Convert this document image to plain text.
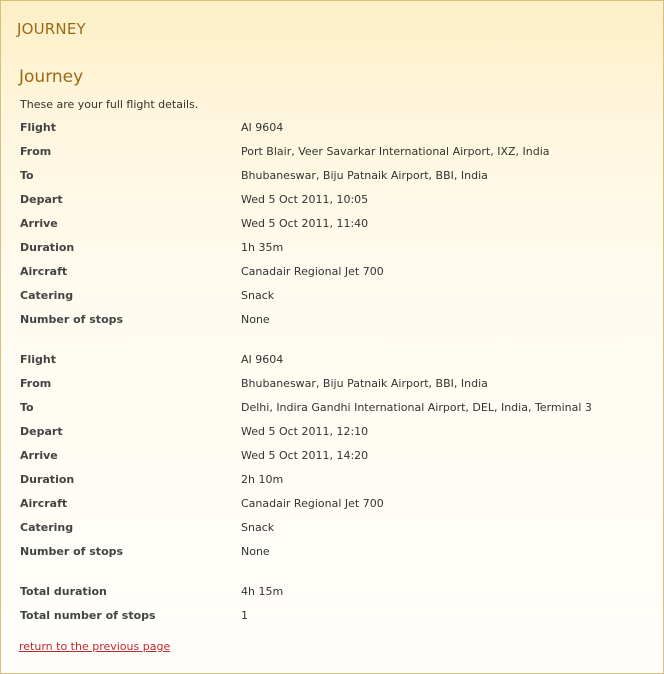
JOURNEY
Journey
These are your full flight details.
Flight	AI 9604
From	Port Blair, Veer Savarkar International Airport, IXZ, India
To	Bhubaneswar, Biju Patnaik Airport, BBI, India
Depart	Wed 5 Oct 2011, 10:05
Arrive	Wed 5 Oct 2011, 11:40
Duration	1h 35m
Aircraft	Canadair Regional Jet 700
Catering	Snack
Number of stops	None
Flight	AI 9604
From	Bhubaneswar, Biju Patnaik Airport, BBI, India
To	Delhi, Indira Gandhi International Airport, DEL, India, Terminal 3
Depart	Wed 5 Oct 2011, 12:10
Arrive	Wed 5 Oct 2011, 14:20
Duration	2h 10m
Aircraft	Canadair Regional Jet 700
Catering	Snack
Number of stops	None
Total duration	4h 15m
Total number of stops	1
return to the previous page
